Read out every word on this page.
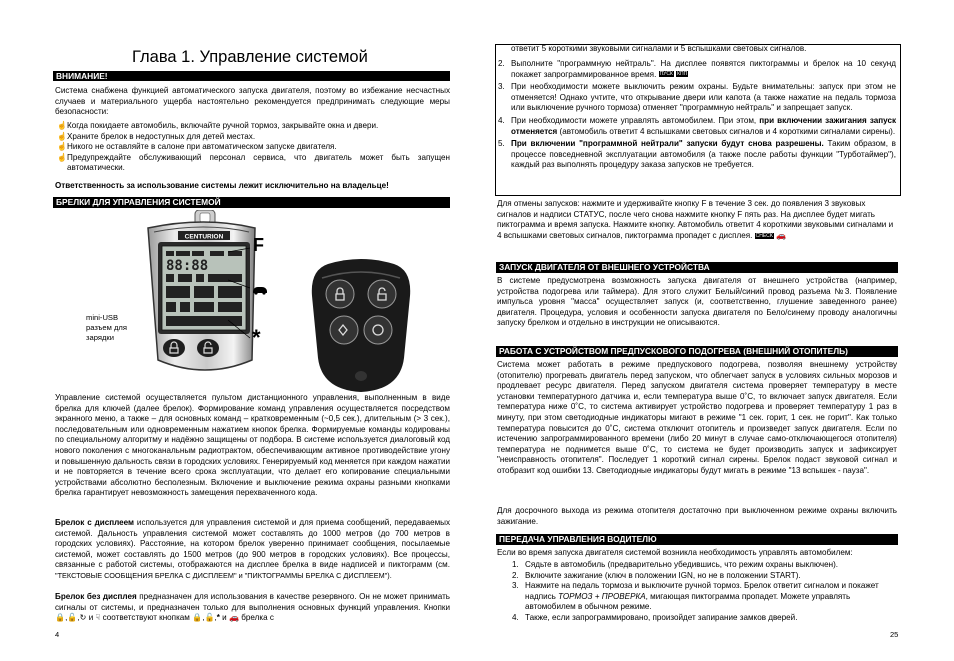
Глава 1. Управление системой
ВНИМАНИЕ!
Система снабжена функцией автоматического запуска двигателя, поэтому во избежание несчастных случаев и материального ущерба настоятельно рекомендуется предпринимать следующие меры безопасности:
☝ Когда покидаете автомобиль, включайте ручной тормоз, закрывайте окна и двери.
☝ Храните брелок в недоступных для детей местах.
☝ Никого не оставляйте в салоне при автоматическом запуске двигателя.
☝ Предупреждайте обслуживающий персонал сервиса, что двигатель может быть запущен автоматически.
Ответственность за использование системы лежит исключительно на владельце!
БРЕЛКИ ДЛЯ УПРАВЛЕНИЯ СИСТЕМОЙ
CENTURION
88:88
F
*
mini-USB разъем для зарядки
Управление системой осуществляется пультом дистанционного управления, выполненным в виде брелка для ключей (далее брелок). Формирование команд управления осуществляется посредством экранного меню, а также – для основных команд – кратковременным (~0,5 сек.), длительным (> 3 сек.), последовательным или одновременным нажатием кнопок брелка. Формируемые команды кодированы по специальному алгоритму и надёжно защищены от подбора. В системе используется диалоговый код нового поколения с многоканальным радиотрактом, обеспечивающим активное противодействие угону и повышенную дальность связи в городских условиях. Генерируемый код меняется при каждом нажатии и не повторяется в течение всего срока эксплуатации, что делает его копирование специальными устройствами абсолютно бесполезным. Включение и выключение режима охраны разными кнопками брелка гарантирует невозможность замещения перехваченного кода.
Брелок с дисплеем используется для управления системой и для приема сообщений, передаваемых системой. Дальность управления системой может составлять до 1000 метров (до 700 метров в городских условиях). Расстояние, на котором брелок уверенно принимает сообщения, посылаемые системой, может составлять до 1500 метров (до 900 метров в городских условиях). Все процессы, связанные с работой системы, отображаются на дисплее брелка в виде надписей и пиктограмм (см. "ТЕКСТОВЫЕ СООБЩЕНИЯ БРЕЛКА С ДИСПЛЕЕМ" и "ПИКТОГРАММЫ БРЕЛКА С ДИСПЛЕЕМ").
Брелок без дисплея предназначен для использования в качестве резервного. Он не может принимать сигналы от системы, и предназначен только для выполнения основных функций управления. Кнопки 🔒,🔓,↻ и ☟ соответствуют кнопкам 🔒,🔓,* и 🚗 брелка с
4
ответит 5 короткими звуковыми сигналами и 5 вспышками световых сигналов.
2. Выполните "программную нейтраль". На дисплее появятся пиктограммы и брелок на 10 секунд покажет запрограммированное время. ПУСК КПП
3. При необходимости можете выключить режим охраны. Будьте внимательны: запуск при этом не отменяется! Однако учтите, что открывание двери или капота (а также нажатие на педаль тормоза или выключение ручного тормоза) отменяет "программную нейтраль" и запрещает запуск.
4. При необходимости можете управлять автомобилем. При этом, при включении зажигания запуск отменяется (автомобиль ответит 4 вспышками световых сигналов и 4 короткими сигналами сирены).
5. При включении "программной нейтрали" запуски будут снова разрешены. Таким образом, в процессе повседневной эксплуатации автомобиля (а также после работы функции "Турботаймер"), каждый раз выполнять процедуру заказа запусков не требуется.
Для отмены запусков: нажмите и удерживайте кнопку F в течение 3 сек. до появления 3 звуковых сигналов и надписи СТАТУС, после чего снова нажмите кнопку F пять раз. На дисплее будет мигать пиктограмма и время запуска. Нажмите кнопку. Автомобиль ответит 4 короткими звуковыми сигналами и 4 вспышками световых сигналов, пиктограмма пропадет с дисплея. CHECK 🚗
ЗАПУСК ДВИГАТЕЛЯ ОТ ВНЕШНЕГО УСТРОЙСТВА
В системе предусмотрена возможность запуска двигателя от внешнего устройства (например, устройства подогрева или таймера). Для этого служит Белый/синий провод разъема №3. Появление импульса уровня "масса" осуществляет запуск (и, соответственно, глушение заведенного ранее) двигателя. Процедура, условия и особенности запуска двигателя по Белo/синему проводу аналогичны запуску брелком и отдельно в инструкции не описываются.
РАБОТА С УСТРОЙСТВОМ ПРЕДПУСКОВОГО ПОДОГРЕВА (ВНЕШНИЙ ОТОПИТЕЛЬ)
Система может работать в режиме предпускового подогрева, позволяя внешнему устройству (отопителю) прогревать двигатель перед запуском, что облегчает запуск в условиях сильных морозов и продлевает ресурс двигателя. Перед запуском двигателя система проверяет температуру в месте установки температурного датчика и, если температура выше 0˚С, то включает запуск двигателя. Если температура ниже 0˚С, то система активирует устройство подогрева и проверяет температуру 1 раз в минуту, при этом светодиодные индикаторы мигают в режиме "1 сек. горит, 1 сек. не горит". Как только температура повысится до 0˚С, система отключит отопитель и произведет запуск двигателя. Если по истечению запрограммированного времени (либо 20 минут в случае само-отключающегося отопителя) температура не поднимется выше 0˚С, то система не будет производить запуск и зафиксирует "неисправность отопителя". Последует 1 короткий сигнал сирены. Брелок подаст звуковой сигнал и отобразит код ошибки 13. Светодиодные индикаторы будут мигать в режиме "13 вспышек - пауза".
Для досрочного выхода из режима отопителя достаточно при выключенном режиме охраны включить зажигание.
ПЕРЕДАЧА УПРАВЛЕНИЯ ВОДИТЕЛЮ
Если во время запуска двигателя системой возникла необходимость управлять автомобилем:
1. Сядьте в автомобиль (предварительно убедившись, что режим охраны выключен).
2. Включите зажигание (ключ в положении IGN, но не в положении START).
3. Нажмите на педаль тормоза и выключите ручной тормоз. Брелок ответит сигналом и покажет надпись ТОРМОЗ + ПРОВЕРКА, мигающая пиктограмма пропадет. Можете управлять автомобилем в обычном режиме.
4. Также, если запрограммировано, произойдет запирание замков дверей.
25
